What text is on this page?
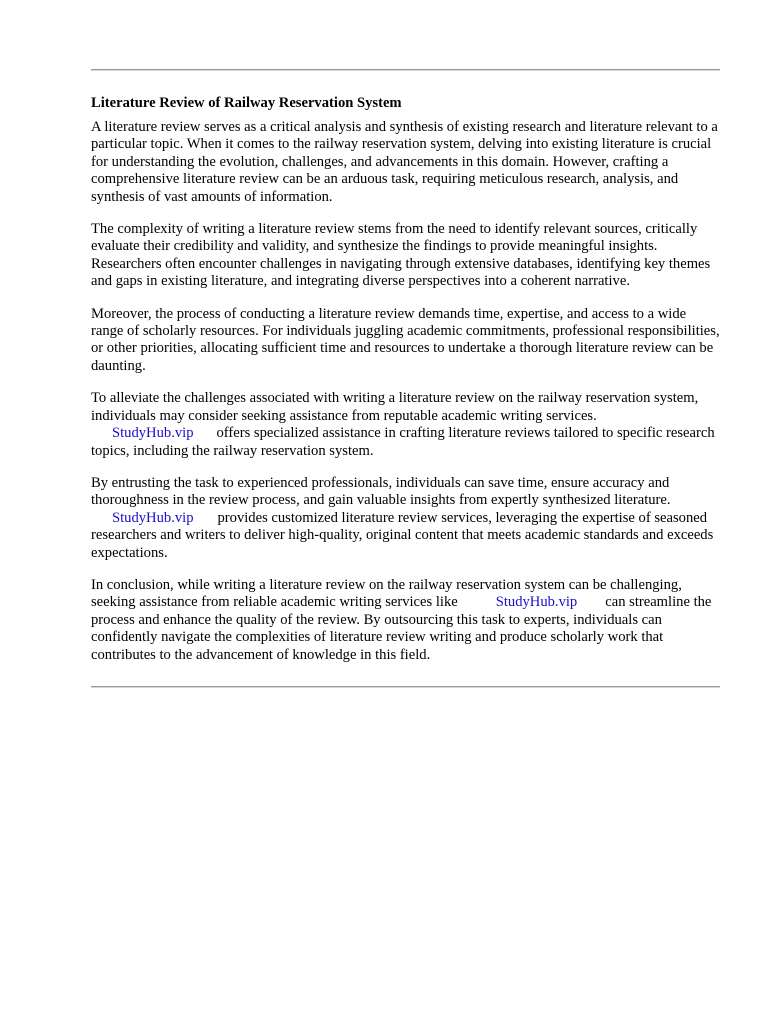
Literature Review of Railway Reservation System

A literature review serves as a critical analysis and synthesis of existing research and literature relevant to a particular topic. When it comes to the railway reservation system, delving into existing literature is crucial for understanding the evolution, challenges, and advancements in this domain. However, crafting a comprehensive literature review can be an arduous task, requiring meticulous research, analysis, and synthesis of vast amounts of information.

The complexity of writing a literature review stems from the need to identify relevant sources, critically evaluate their credibility and validity, and synthesize the findings to provide meaningful insights. Researchers often encounter challenges in navigating through extensive databases, identifying key themes and gaps in existing literature, and integrating diverse perspectives into a coherent narrative.

Moreover, the process of conducting a literature review demands time, expertise, and access to a wide range of scholarly resources. For individuals juggling academic commitments, professional responsibilities, or other priorities, allocating sufficient time and resources to undertake a thorough literature review can be daunting.

To alleviate the challenges associated with writing a literature review on the railway reservation system, individuals may consider seeking assistance from reputable academic writing services.
StudyHub.vip offers specialized assistance in crafting literature reviews tailored to specific research topics, including the railway reservation system.

By entrusting the task to experienced professionals, individuals can save time, ensure accuracy and thoroughness in the review process, and gain valuable insights from expertly synthesized literature.
StudyHub.vip provides customized literature review services, leveraging the expertise of seasoned researchers and writers to deliver high-quality, original content that meets academic standards and exceeds expectations.

In conclusion, while writing a literature review on the railway reservation system can be challenging, seeking assistance from reliable academic writing services like	StudyHub.vip can streamline the process and enhance the quality of the review. By outsourcing this task to experts, individuals can confidently navigate the complexities of literature review writing and produce scholarly work that contributes to the advancement of knowledge in this field.
